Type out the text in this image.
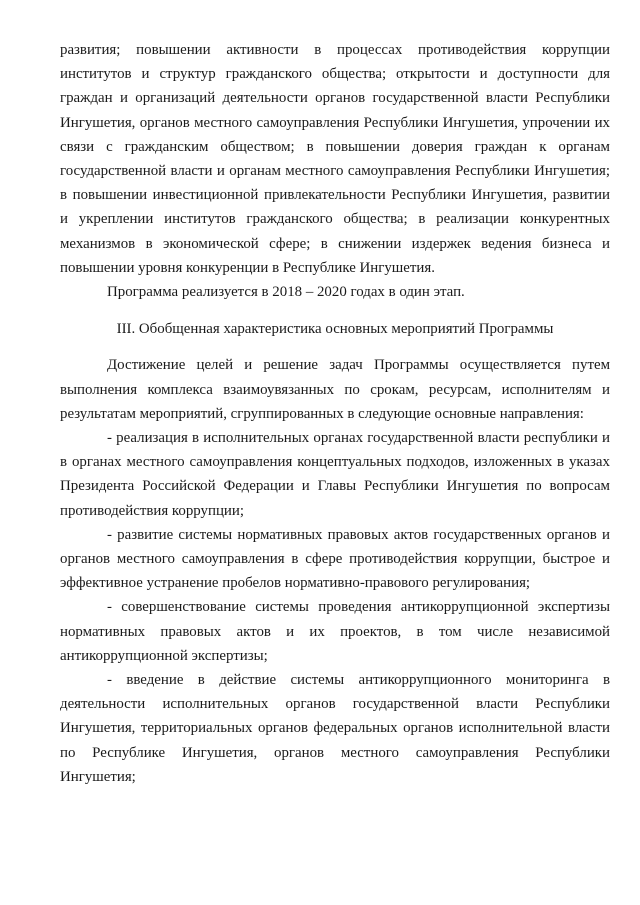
развития; повышении активности в процессах противодействия коррупции институтов и структур гражданского общества; открытости и доступности для граждан и организаций деятельности органов государственной власти Республики Ингушетия, органов местного самоуправления Республики Ингушетия, упрочении их связи с гражданским обществом; в повышении доверия граждан к органам государственной власти и органам местного самоуправления Республики Ингушетия; в повышении инвестиционной привлекательности Республики Ингушетия, развитии и укреплении институтов гражданского общества; в реализации конкурентных механизмов в экономической сфере; в снижении издержек ведения бизнеса и повышении уровня конкуренции в Республике Ингушетия.

Программа реализуется в 2018 – 2020 годах в один этап.

III. Обобщенная характеристика основных мероприятий Программы

Достижение целей и решение задач Программы осуществляется путем выполнения комплекса взаимоувязанных по срокам, ресурсам, исполнителям и результатам мероприятий, сгруппированных в следующие основные направления:

- реализация в исполнительных органах государственной власти республики и в органах местного самоуправления концептуальных подходов, изложенных в указах Президента Российской Федерации и Главы Республики Ингушетия по вопросам противодействия коррупции;

- развитие системы нормативных правовых актов государственных органов и органов местного самоуправления в сфере противодействия коррупции, быстрое и эффективное устранение пробелов нормативно-правового регулирования;

- совершенствование системы проведения антикоррупционной экспертизы нормативных правовых актов и их проектов, в том числе независимой антикоррупционной экспертизы;

- введение в действие системы антикоррупционного мониторинга в деятельности исполнительных органов государственной власти Республики Ингушетия, территориальных органов федеральных органов исполнительной власти по Республике Ингушетия, органов местного самоуправления Республики Ингушетия;
